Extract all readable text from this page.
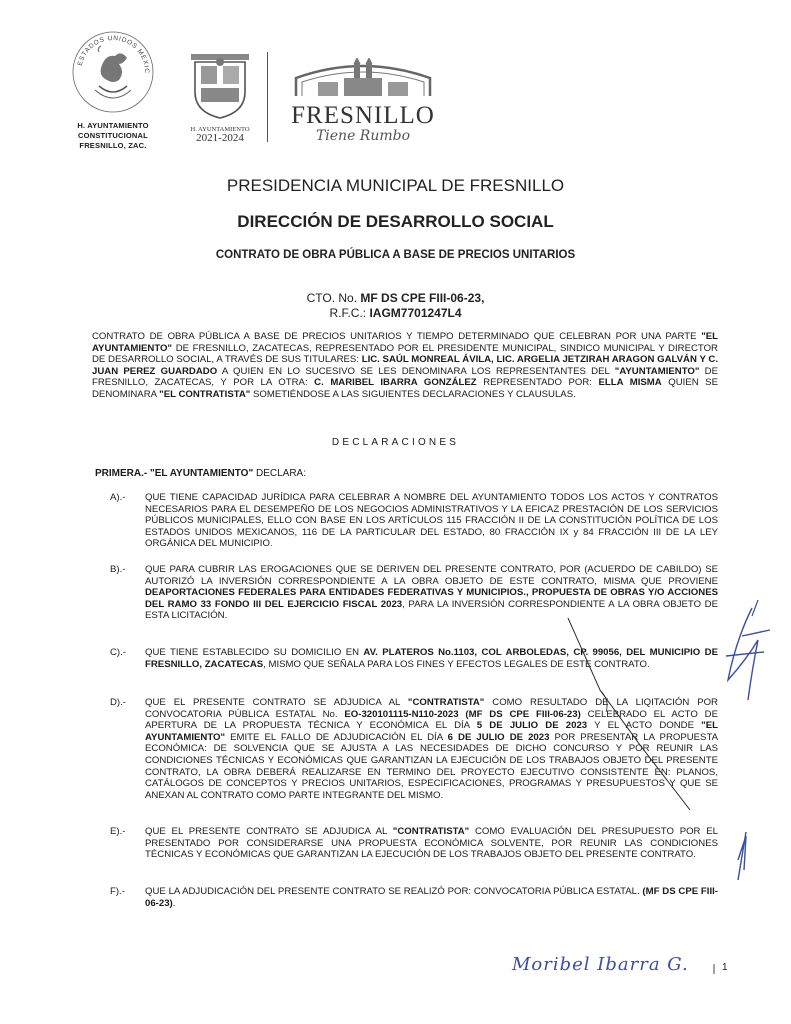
ESTADOS UNIDOS MEXIC
H. AYUNTAMIENTO
CONSTITUCIONAL
FRESNILLO, ZAC.
H. AYUNTAMIENTO
2021-2024
FRESNILLO
Tiene Rumbo
PRESIDENCIA MUNICIPAL DE FRESNILLO
DIRECCIÓN DE DESARROLLO SOCIAL
CONTRATO DE OBRA PÚBLICA A BASE DE PRECIOS UNITARIOS
CTO. No. MF DS CPE FIII-06-23,
R.F.C.: IAGM7701247L4
CONTRATO DE OBRA PÚBLICA A BASE DE PRECIOS UNITARIOS Y TIEMPO DETERMINADO QUE CELEBRAN POR UNA PARTE "EL AYUNTAMIENTO" DE FRESNILLO, ZACATECAS, REPRESENTADO POR EL PRESIDENTE MUNICIPAL, SINDICO MUNICIPAL Y DIRECTOR DE DESARROLLO SOCIAL, A TRAVÉS DE SUS TITULARES: LIC. SAÚL MONREAL ÁVILA, LIC. ARGELIA JETZIRAH ARAGON GALVÁN Y C. JUAN PEREZ GUARDADO A QUIEN EN LO SUCESIVO SE LES DENOMINARA LOS REPRESENTANTES DEL "AYUNTAMIENTO" DE FRESNILLO, ZACATECAS, Y POR LA OTRA: C. MARIBEL IBARRA GONZÁLEZ REPRESENTADO POR: ELLA MISMA QUIEN SE DENOMINARA "EL CONTRATISTA" SOMETIÉNDOSE A LAS SIGUIENTES DECLARACIONES Y CLAUSULAS.
DECLARACIONES
PRIMERA.- "EL AYUNTAMIENTO" DECLARA:
A).- QUE TIENE CAPACIDAD JURÍDICA PARA CELEBRAR A NOMBRE DEL AYUNTAMIENTO TODOS LOS ACTOS Y CONTRATOS NECESARIOS PARA EL DESEMPEÑO DE LOS NEGOCIOS ADMINISTRATIVOS Y LA EFICAZ PRESTACIÓN DE LOS SERVICIOS PÚBLICOS MUNICIPALES, ELLO CON BASE EN LOS ARTÍCULOS 115 FRACCIÓN II DE LA CONSTITUCIÓN POLÍTICA DE LOS ESTADOS UNIDOS MEXICANOS, 116 DE LA PARTICULAR DEL ESTADO, 80 FRACCIÓN IX y 84 FRACCIÓN III DE LA LEY ORGÁNICA DEL MUNICIPIO.
B).- QUE PARA CUBRIR LAS EROGACIONES QUE SE DERIVEN DEL PRESENTE CONTRATO, POR (ACUERDO DE CABILDO) SE AUTORIZÓ LA INVERSIÓN CORRESPONDIENTE A LA OBRA OBJETO DE ESTE CONTRATO, MISMA QUE PROVIENE DEAPORTACIONES FEDERALES PARA ENTIDADES FEDERATIVAS Y MUNICIPIOS., PROPUESTA DE OBRAS Y/O ACCIONES DEL RAMO 33 FONDO III DEL EJERCICIO FISCAL 2023, PARA LA INVERSIÓN CORRESPONDIENTE A LA OBRA OBJETO DE ESTA LICITACIÓN.
C).- QUE TIENE ESTABLECIDO SU DOMICILIO EN AV. PLATEROS No.1103, COL ARBOLEDAS, CP. 99056, DEL MUNICIPIO DE FRESNILLO, ZACATECAS, MISMO QUE SEÑALA PARA LOS FINES Y EFECTOS LEGALES DE ESTE CONTRATO.
D).- QUE EL PRESENTE CONTRATO SE ADJUDICA AL "CONTRATISTA" COMO RESULTADO DE LA LIQITACIÓN POR CONVOCATORIA PÚBLICA ESTATAL No. EO-320101115-N110-2023 (MF DS CPE FIII-06-23) CELEBRADO EL ACTO DE APERTURA DE LA PROPUESTA TÉCNICA Y ECONÓMICA EL DÍA 5 DE JULIO DE 2023 Y EL ACTO DONDE "EL AYUNTAMIENTO" EMITE EL FALLO DE ADJUDICACIÓN EL DÍA 6 DE JULIO DE 2023 POR PRESENTAR LA PROPUESTA ECONÓMICA: DE SOLVENCIA QUE SE AJUSTA A LAS NECESIDADES DE DICHO CONCURSO Y POR REUNIR LAS CONDICIONES TÉCNICAS Y ECONÓMICAS QUE GARANTIZAN LA EJECUCIÓN DE LOS TRABAJOS OBJETO DEL PRESENTE CONTRATO, LA OBRA DEBERÁ REALIZARSE EN TERMINO DEL PROYECTO EJECUTIVO CONSISTENTE EN: PLANOS, CATÁLOGOS DE CONCEPTOS Y PRECIOS UNITARIOS, ESPECIFICACIONES, PROGRAMAS Y PRESUPUESTOS Y QUE SE ANEXAN AL CONTRATO COMO PARTE INTEGRANTE DEL MISMO.
E).- QUE EL PRESENTE CONTRATO SE ADJUDICA AL "CONTRATISTA" COMO EVALUACIÓN DEL PRESUPUESTO POR EL PRESENTADO POR CONSIDERARSE UNA PROPUESTA ECONÓMICA SOLVENTE, POR REUNIR LAS CONDICIONES TÉCNICAS Y ECONÓMICAS QUE GARANTIZAN LA EJECUCIÓN DE LOS TRABAJOS OBJETO DEL PRESENTE CONTRATO.
F).- QUE LA ADJUDICACIÓN DEL PRESENTE CONTRATO SE REALIZÓ POR: CONVOCATORIA PÚBLICA ESTATAL. (MF DS CPE FIII-06-23).
Moribel Ibarra G.	1
